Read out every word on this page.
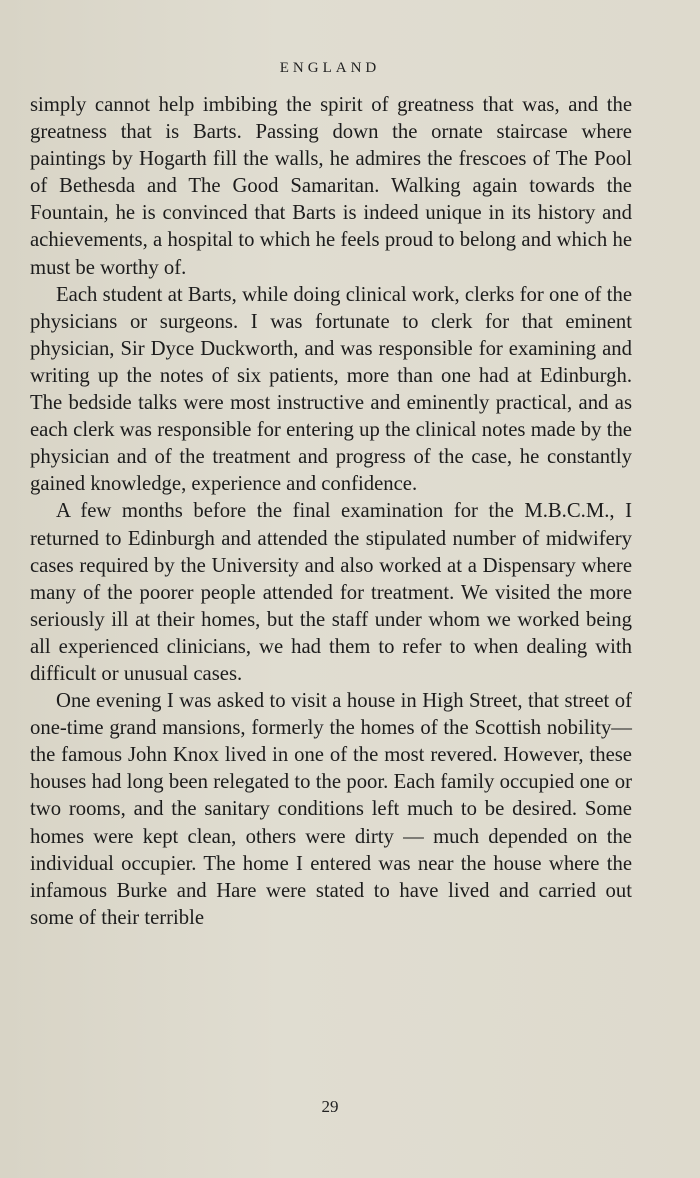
ENGLAND

simply cannot help imbibing the spirit of greatness that was, and the greatness that is Barts. Passing down the ornate staircase where paintings by Hogarth fill the walls, he admires the frescoes of The Pool of Bethesda and The Good Samaritan. Walking again towards the Fountain, he is convinced that Barts is indeed unique in its history and achievements, a hospital to which he feels proud to belong and which he must be worthy of.

Each student at Barts, while doing clinical work, clerks for one of the physicians or surgeons. I was fortunate to clerk for that eminent physician, Sir Dyce Duckworth, and was responsible for examining and writing up the notes of six patients, more than one had at Edinburgh. The bedside talks were most instructive and eminently practical, and as each clerk was responsible for entering up the clinical notes made by the physician and of the treatment and progress of the case, he constantly gained knowledge, experience and confidence.

A few months before the final examination for the M.B.C.M., I returned to Edinburgh and attended the stipulated number of midwifery cases required by the University and also worked at a Dispensary where many of the poorer people attended for treatment. We visited the more seriously ill at their homes, but the staff under whom we worked being all experienced clinicians, we had them to refer to when dealing with difficult or unusual cases.

One evening I was asked to visit a house in High Street, that street of one-time grand mansions, formerly the homes of the Scottish nobility—the famous John Knox lived in one of the most revered. However, these houses had long been relegated to the poor. Each family occupied one or two rooms, and the sanitary conditions left much to be desired. Some homes were kept clean, others were dirty — much depended on the individual occupier. The home I entered was near the house where the infamous Burke and Hare were stated to have lived and carried out some of their terrible

29
